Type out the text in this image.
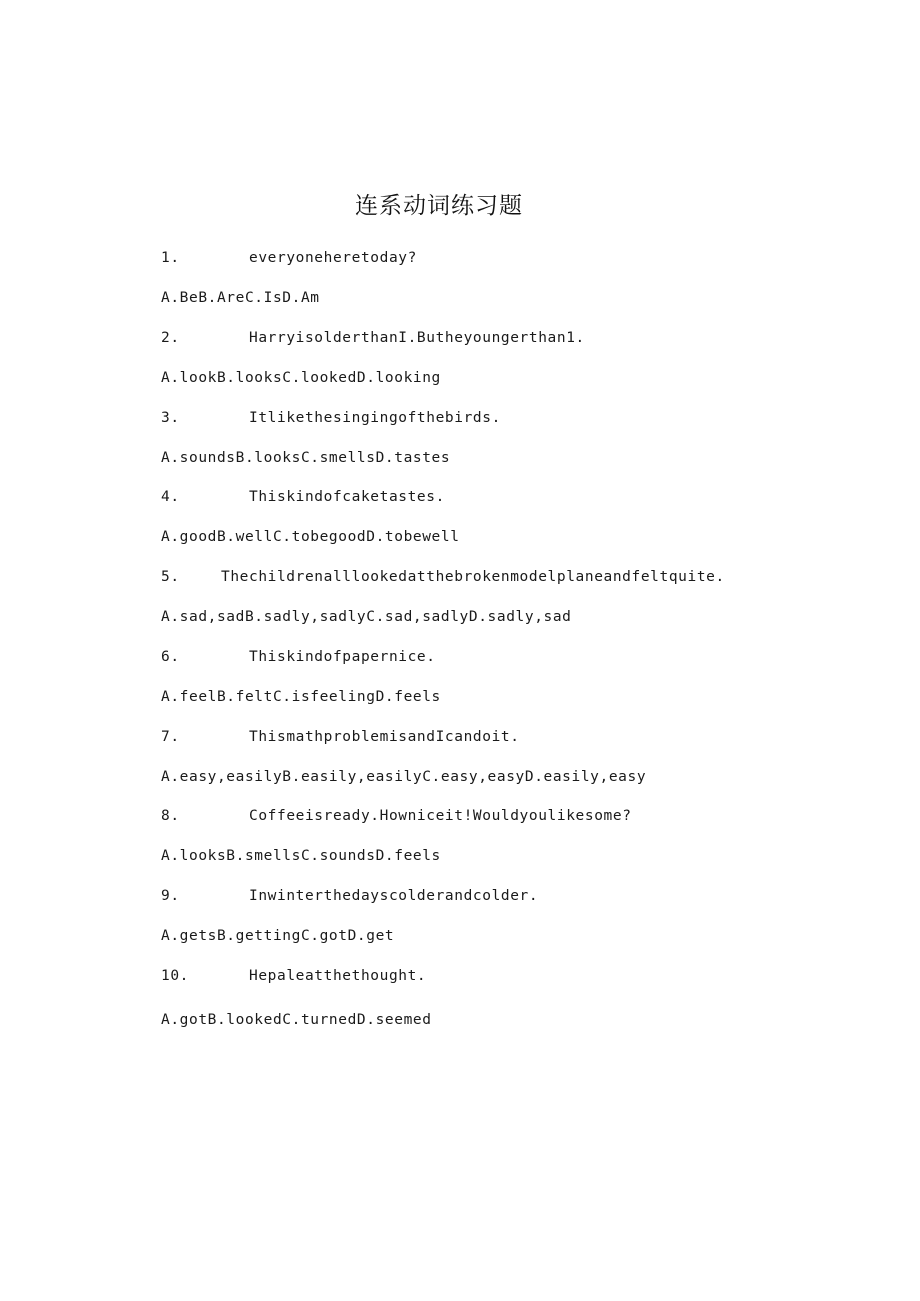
连系动词练习题
1.	everyoneheretoday?
A.BeB.AreC.IsD.Am
2.	HarryisolderthanI.Butheyoungerthan1.
A.lookB.looksC.lookedD.looking
3.	Itlikethesingingofthebirds.
A.soundsB.looksC.smellsD.tastes
4.	Thiskindofcaketastes.
A.goodB.wellC.tobegoodD.tobewell
5.	Thechildrenalllookedatthebrokenmodelplaneandfeltquite.
A.sad,sadB.sadly,sadlyC.sad,sadlyD.sadly,sad
6.	Thiskindofpapernice.
A.feelB.feltC.isfeelingD.feels
7.	ThismathproblemisandIcandoit.
A.easy,easilyB.easily,easilyC.easy,easyD.easily,easy
8.	Coffeeisready.Howniceit!Wouldyoulikesome?
A.looksB.smellsC.soundsD.feels
9.	Inwinterthedayscolderandcolder.
A.getsB.gettingC.gotD.get
10.	Hepaleatthethought.
A.gotB.lookedC.turnedD.seemed
